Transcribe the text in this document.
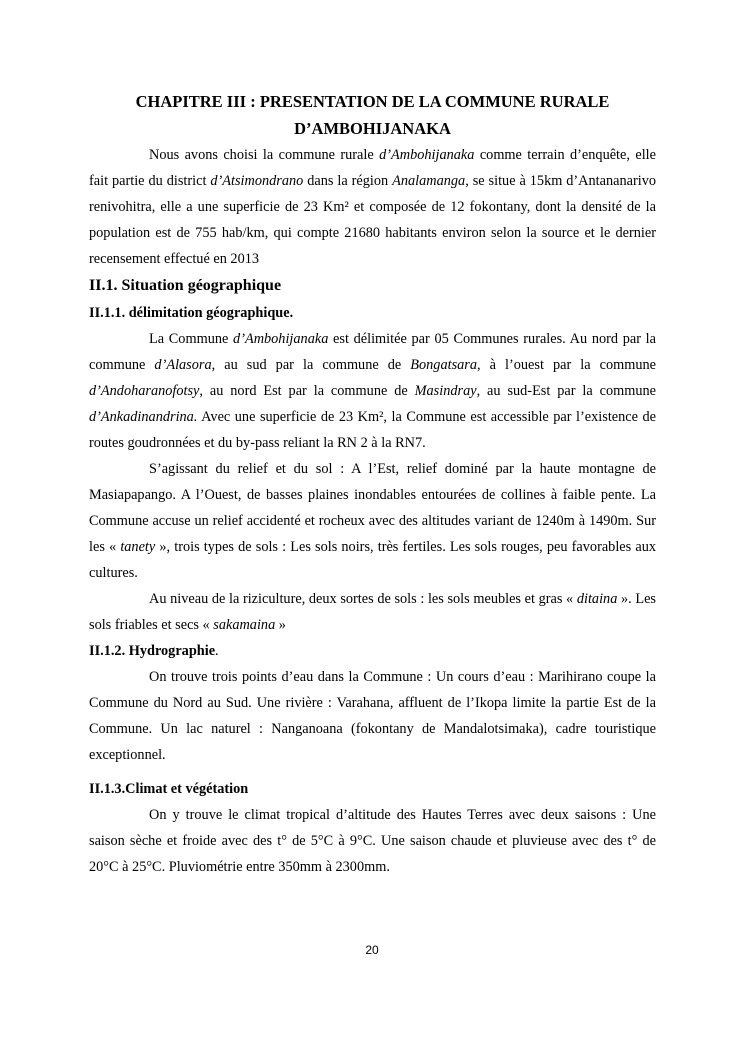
CHAPITRE III : PRESENTATION DE LA COMMUNE RURALE

D’AMBOHIJANAKA

Nous avons choisi la commune rurale d’Ambohijanaka comme terrain d’enquête, elle fait partie du district d’Atsimondrano dans la région Analamanga, se situe à 15km d’Antananarivo renivohitra, elle a une superficie de 23 Km² et composée de 12 fokontany, dont la densité de la population est de 755 hab/km, qui compte 21680 habitants environ selon la source et le dernier recensement effectué en 2013

II.1. Situation géographique

II.1.1. délimitation géographique.

La Commune d’Ambohijanaka est délimitée par 05 Communes rurales. Au nord par la commune d’Alasora, au sud par la commune de Bongatsara, à l’ouest par la commune d’Andoharanofotsy, au nord Est par la commune de Masindray, au sud-Est par la commune d’Ankadinandrina. Avec une superficie de 23 Km², la Commune est accessible par l’existence de routes goudronnées et du by-pass reliant la RN 2 à la RN7.

S’agissant du relief et du sol : A l’Est, relief dominé par la haute montagne de Masiapapango. A l’Ouest, de basses plaines inondables entourées de collines à faible pente. La Commune accuse un relief accidenté et rocheux avec des altitudes variant de 1240m à 1490m. Sur les « tanety », trois types de sols : Les sols noirs, très fertiles. Les sols rouges, peu favorables aux cultures.

Au niveau de la riziculture, deux sortes de sols : les sols meubles et gras « ditaina ». Les sols friables et secs « sakamaina »

II.1.2. Hydrographie.

On trouve trois points d’eau dans la Commune : Un cours d’eau : Marihirano coupe la Commune du Nord au Sud. Une rivière : Varahana, affluent de l’Ikopa limite la partie Est de la Commune. Un lac naturel : Nanganoana (fokontany de Mandalotsimaka), cadre touristique exceptionnel.

II.1.3.Climat et végétation

On y trouve le climat tropical d’altitude des Hautes Terres avec deux saisons : Une saison sèche et froide avec des t° de 5°C à 9°C. Une saison chaude et pluvieuse avec des t° de 20°C à 25°C. Pluviométrie entre 350mm à 2300mm.

20
